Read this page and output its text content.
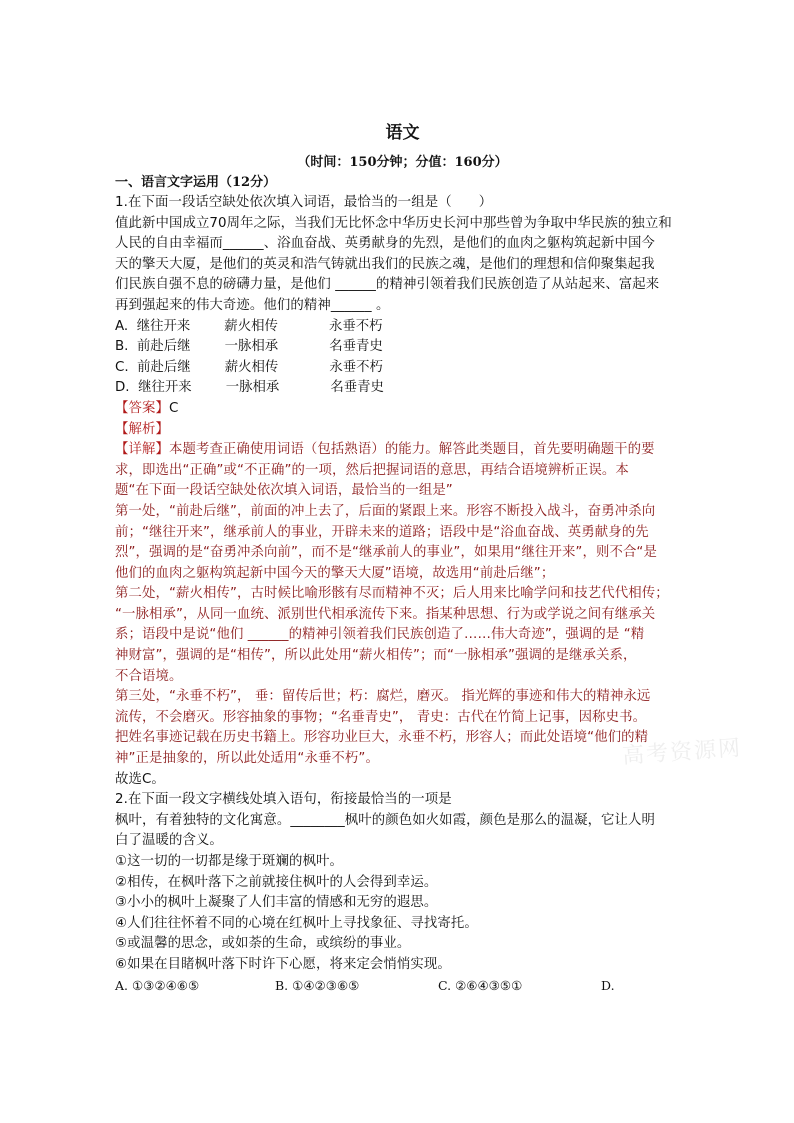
高考资源网
语文
（时间：150分钟；分值：160分）
一、语言文字运用（12分）
1.在下面一段话空缺处依次填入词语，最恰当的一组是（　　）
值此新中国成立70周年之际，当我们无比怀念中华历史长河中那些曾为争取中华民族的独立和
人民的自由幸福而______、浴血奋战、英勇献身的先烈，是他们的血肉之躯构筑起新中国今
天的擎天大厦，是他们的英灵和浩气铸就出我们的民族之魂，是他们的理想和信仰聚集起我
们民族自强不息的磅礴力量，是他们 ______的精神引领着我们民族创造了从站起来、富起来
再到强起来的伟大奇迹。他们的精神______ 。
A.  继往开来        薪火相传            永垂不朽
B.  前赴后继        一脉相承            名垂青史
C.  前赴后继        薪火相传            永垂不朽
D.  继往开来        一脉相承            名垂青史
【答案】C
【解析】
【详解】本题考查正确使用词语（包括熟语）的能力。解答此类题目，首先要明确题干的要
求，即选出“正确”或“不正确”的一项，然后把握词语的意思，再结合语境辨析正误。本
题“在下面一段话空缺处依次填入词语，最恰当的一组是”
第一处，“前赴后继”，前面的冲上去了，后面的紧跟上来。形容不断投入战斗，奋勇冲杀向
前；“继往开来”，继承前人的事业，开辟未来的道路；语段中是“浴血奋战、英勇献身的先
烈”，强调的是“奋勇冲杀向前”，而不是“继承前人的事业”，如果用“继往开来”，则不合“是
他们的血肉之躯构筑起新中国今天的擎天大厦”语境，故选用“前赴后继”；
第二处，“薪火相传”，古时候比喻形骸有尽而精神不灭；后人用来比喻学问和技艺代代相传；
“一脉相承”，从同一血统、派别世代相承流传下来。指某种思想、行为或学说之间有继承关
系；语段中是说“他们 ______的精神引领着我们民族创造了……伟大奇迹”，强调的是 “精
神财富”，强调的是“相传”，所以此处用“薪火相传”；而“一脉相承”强调的是继承关系，
不合语境。
第三处，“永垂不朽”， 垂：留传后世；朽：腐烂，磨灭。 指光辉的事迹和伟大的精神永远
流传，不会磨灭。形容抽象的事物；“名垂青史”， 青史：古代在竹简上记事，因称史书。
把姓名事迹记载在历史书籍上。形容功业巨大，永垂不朽，形容人；而此处语境“他们的精
神”正是抽象的，所以此处适用“永垂不朽”。
故选C。
2.在下面一段文字横线处填入语句，衔接最恰当的一项是
枫叶，有着独特的文化寓意。________枫叶的颜色如火如霞，颜色是那么的温凝，它让人明
白了温暖的含义。
①这一切的一切都是缘于斑斓的枫叶。
②相传，在枫叶落下之前就接住枫叶的人会得到幸运。
③小小的枫叶上凝聚了人们丰富的情感和无穷的遐思。
④人们往往怀着不同的心境在红枫叶上寻找象征、寻找寄托。
⑤或温馨的思念，或如荼的生命，或缤纷的事业。
⑥如果在目睹枫叶落下时许下心愿，将来定会悄悄实现。
A. ①③②④⑥⑤	B. ①④②③⑥⑤	C. ②⑥④③⑤①	D.
